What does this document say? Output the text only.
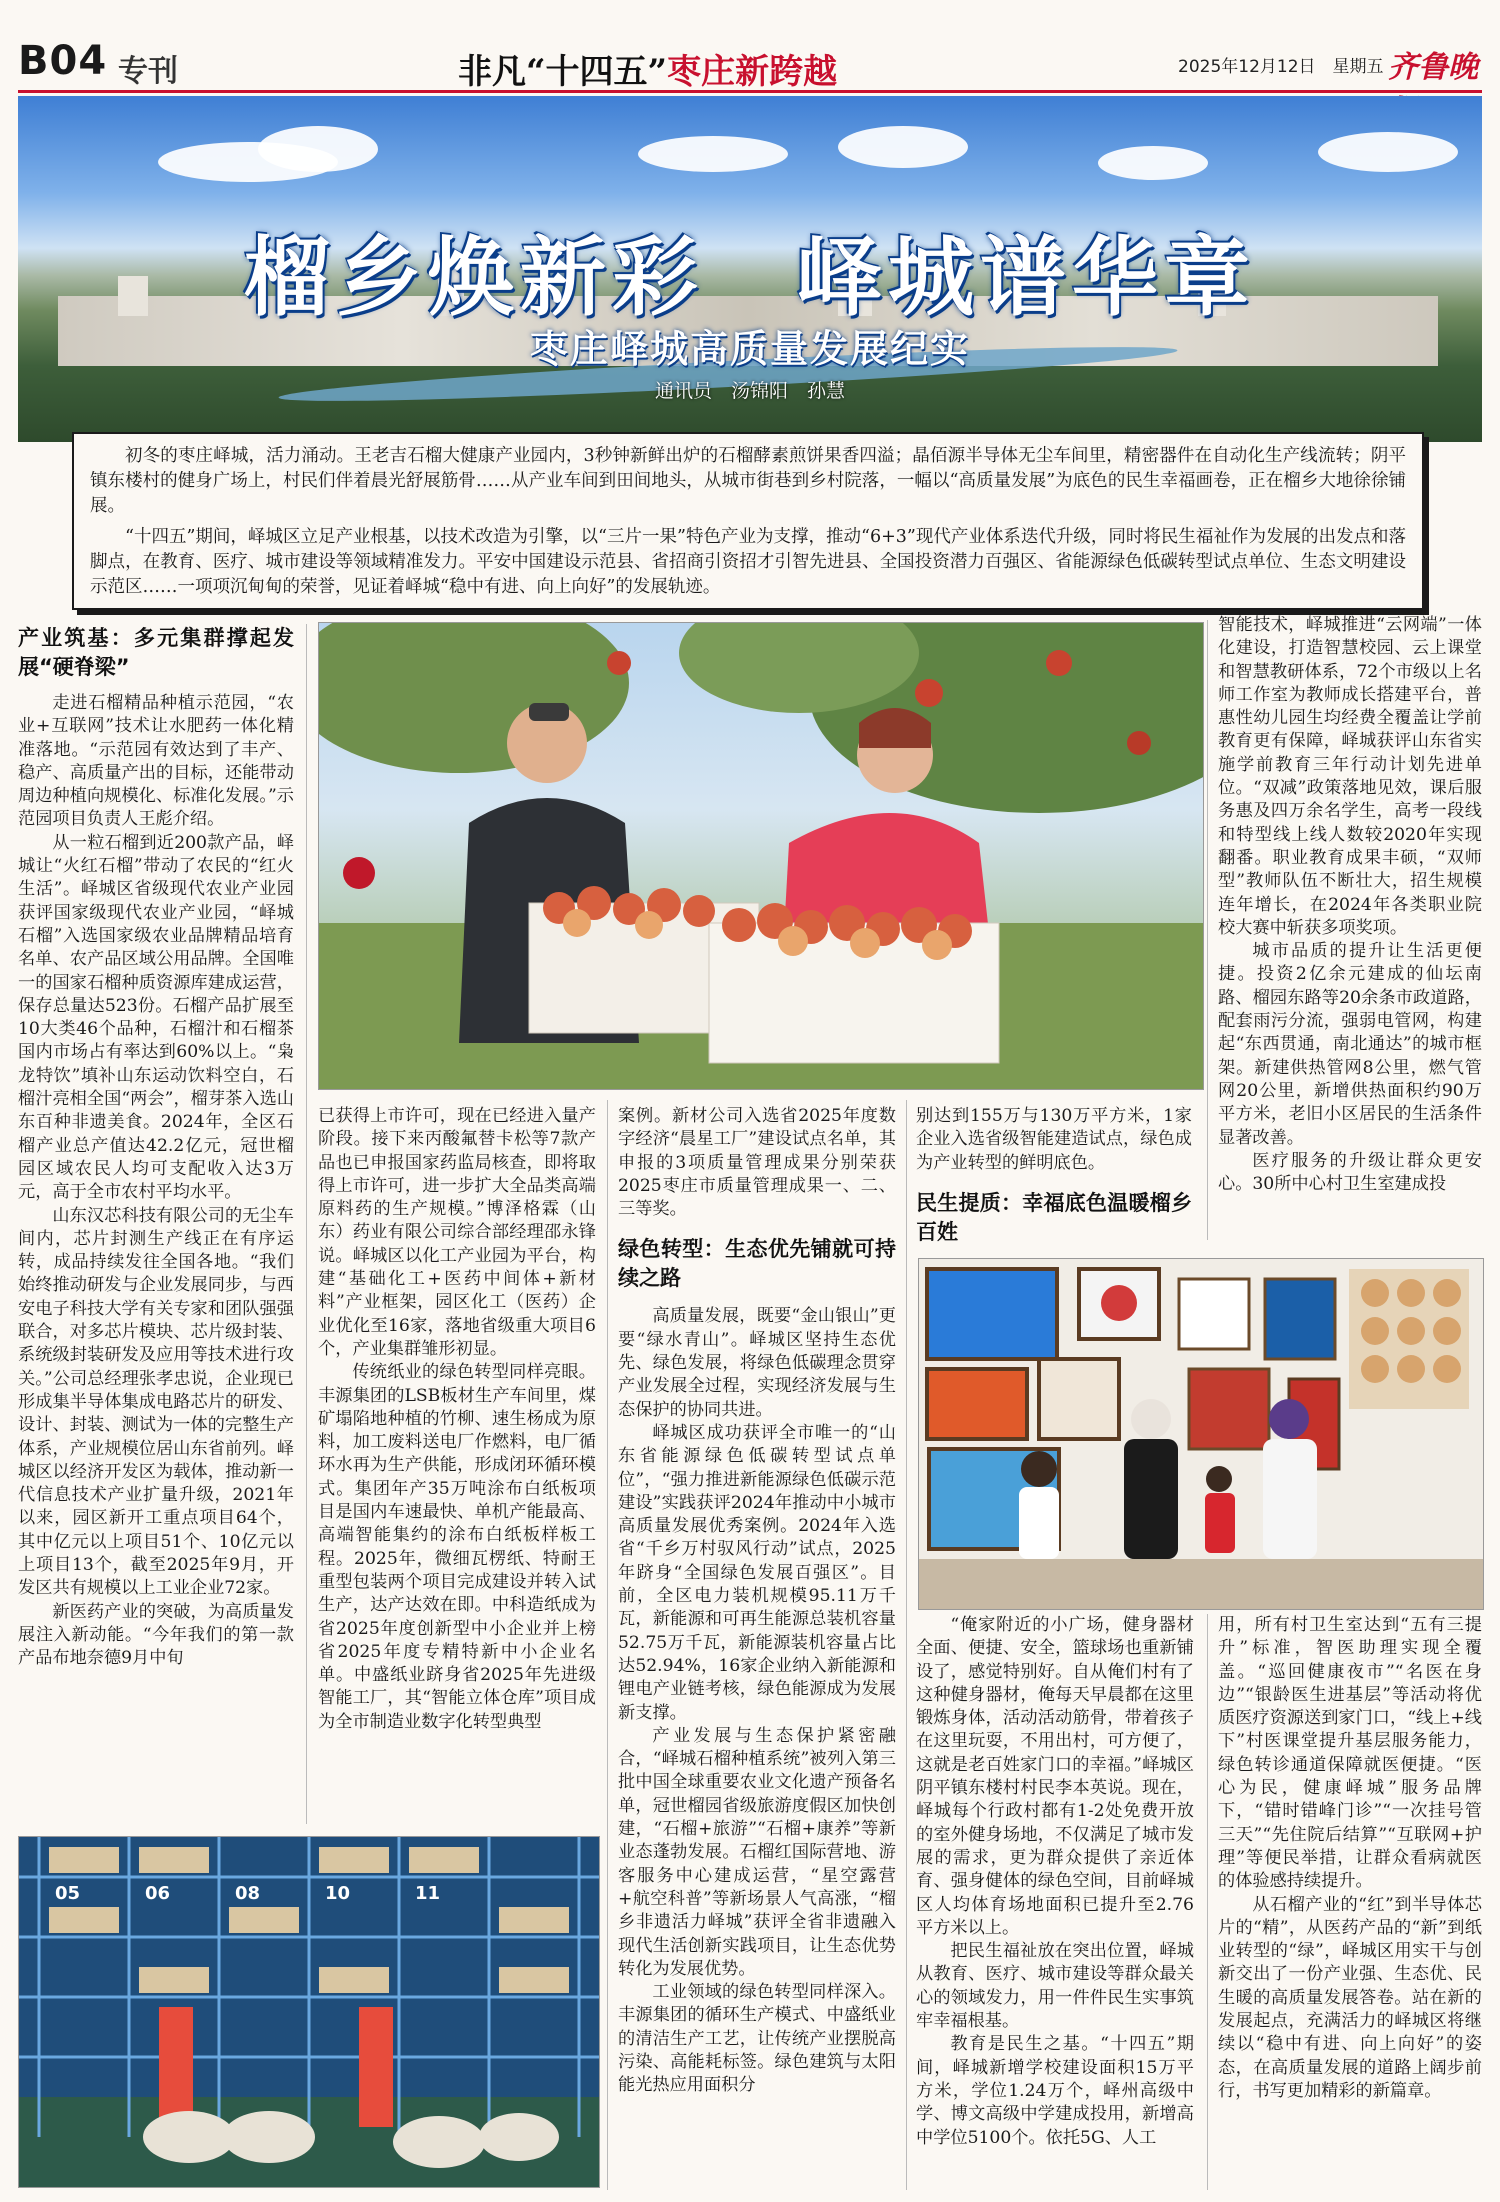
B04 专刊	非凡“十四五”枣庄新跨越	2025年12月12日　星期五 齐鲁晚
榴乡焕新彩　峄城谱华章
枣庄峄城高质量发展纪实
通讯员　汤锦阳　孙慧

初冬的枣庄峄城，活力涌动。王老吉石榴大健康产业园内，3秒钟新鲜出炉的石榴酵素煎饼果香四溢；晶佰源半导体无尘车间里，精密器件在自动化生产线流转；阴平镇东楼村的健身广场上，村民们伴着晨光舒展筋骨……从产业车间到田间地头，从城市街巷到乡村院落，一幅以“高质量发展”为底色的民生幸福画卷，正在榴乡大地徐徐铺展。

“十四五”期间，峄城区立足产业根基，以技术改造为引擎，以“三片一果”特色产业为支撑，推动“6+3”现代产业体系迭代升级，同时将民生福祉作为发展的出发点和落脚点，在教育、医疗、城市建设等领域精准发力。平安中国建设示范县、省招商引资招才引智先进县、全国投资潜力百强区、省能源绿色低碳转型试点单位、生态文明建设示范区……一项项沉甸甸的荣誉，见证着峄城“稳中有进、向上向好”的发展轨迹。

产业筑基：多元集群撑起发展“硬脊梁”

走进石榴精品种植示范园，“农业+互联网”技术让水肥药一体化精准落地。“示范园有效达到了丰产、稳产、高质量产出的目标，还能带动周边种植向规模化、标准化发展。”示范园项目负责人王彪介绍。

从一粒石榴到近200款产品，峄城让“火红石榴”带动了农民的“红火生活”。峄城区省级现代农业产业园获评国家级现代农业产业园，“峄城石榴”入选国家级农业品牌精品培育名单、农产品区域公用品牌。全国唯一的国家石榴种质资源库建成运营，保存总量达523份。石榴产品扩展至10大类46个品种，石榴汁和石榴茶国内市场占有率达到60%以上。“枭龙特饮”填补山东运动饮料空白，石榴汁亮相全国“两会”，榴芽茶入选山东百种非遗美食。2024年，全区石榴产业总产值达42.2亿元，冠世榴园区域农民人均可支配收入达3万元，高于全市农村平均水平。

山东汉芯科技有限公司的无尘车间内，芯片封测生产线正在有序运转，成品持续发往全国各地。“我们始终推动研发与企业发展同步，与西安电子科技大学有关专家和团队强强联合，对多芯片模块、芯片级封装、系统级封装研发及应用等技术进行攻关。”公司总经理张孝忠说，企业现已形成集半导体集成电路芯片的研发、设计、封装、测试为一体的完整生产体系，产业规模位居山东省前列。峄城区以经济开发区为载体，推动新一代信息技术产业扩量升级，2021年以来，园区新开工重点项目64个，其中亿元以上项目51个、10亿元以上项目13个，截至2025年9月，开发区共有规模以上工业企业72家。

新医药产业的突破，为高质量发展注入新动能。“今年我们的第一款产品布地奈德9月中旬

已获得上市许可，现在已经进入量产阶段。接下来丙酸氟替卡松等7款产品也已申报国家药监局核查，即将取得上市许可，进一步扩大全品类高端原料药的生产规模。”博泽格霖（山东）药业有限公司综合部经理邵永锋说。峄城区以化工产业园为平台，构建“基础化工+医药中间体+新材料”产业框架，园区化工（医药）企业优化至16家，落地省级重大项目6个，产业集群雏形初显。

传统纸业的绿色转型同样亮眼。丰源集团的LSB板材生产车间里，煤矿塌陷地种植的竹柳、速生杨成为原料，加工废料送电厂作燃料，电厂循环水再为生产供能，形成闭环循环模式。集团年产35万吨涂布白纸板项目是国内车速最快、单机产能最高、高端智能集约的涂布白纸板样板工程。2025年，微细瓦楞纸、特耐王重型包装两个项目完成建设并转入试生产，达产达效在即。中科造纸成为省2025年度创新型中小企业并上榜省2025年度专精特新中小企业名单。中盛纸业跻身省2025年先进级智能工厂，其“智能立体仓库”项目成为全市制造业数字化转型典型

案例。新材公司入选省2025年度数字经济“晨星工厂”建设试点名单，其申报的3项质量管理成果分别荣获2025枣庄市质量管理成果一、二、三等奖。

绿色转型：生态优先铺就可持续之路

高质量发展，既要“金山银山”更要“绿水青山”。峄城区坚持生态优先、绿色发展，将绿色低碳理念贯穿产业发展全过程，实现经济发展与生态保护的协同共进。

峄城区成功获评全市唯一的“山东省能源绿色低碳转型试点单位”，“强力推进新能源绿色低碳示范建设”实践获评2024年推动中小城市高质量发展优秀案例。2024年入选省“千乡万村驭风行动”试点，2025年跻身“全国绿色发展百强区”。目前，全区电力装机规模95.11万千瓦，新能源和可再生能源总装机容量52.75万千瓦，新能源装机容量占比达52.94%，16家企业纳入新能源和锂电产业链考核，绿色能源成为发展新支撑。

产业发展与生态保护紧密融合，“峄城石榴种植系统”被列入第三批中国全球重要农业文化遗产预备名单，冠世榴园省级旅游度假区加快创建，“石榴+旅游”“石榴+康养”等新业态蓬勃发展。石榴红国际营地、游客服务中心建成运营，“星空露营+航空科普”等新场景人气高涨，“榴乡非遗活力峄城”获评全省非遗融入现代生活创新实践项目，让生态优势转化为发展优势。

工业领域的绿色转型同样深入。丰源集团的循环生产模式、中盛纸业的清洁生产工艺，让传统产业摆脱高污染、高能耗标签。绿色建筑与太阳能光热应用面积分

别达到155万与130万平方米，1家企业入选省级智能建造试点，绿色成为产业转型的鲜明底色。

民生提质：幸福底色温暖榴乡百姓

智能技术，峄城推进“云网端”一体化建设，打造智慧校园、云上课堂和智慧教研体系，72个市级以上名师工作室为教师成长搭建平台，普惠性幼儿园生均经费全覆盖让学前教育更有保障，峄城获评山东省实施学前教育三年行动计划先进单位。“双减”政策落地见效，课后服务惠及四万余名学生，高考一段线和特型线上线人数较2020年实现翻番。职业教育成果丰硕，“双师型”教师队伍不断壮大，招生规模连年增长，在2024年各类职业院校大赛中斩获多项奖项。

城市品质的提升让生活更便捷。投资2亿余元建成的仙坛南路、榴园东路等20余条市政道路，配套雨污分流，强弱电管网，构建起“东西贯通，南北通达”的城市框架。新建供热管网8公里，燃气管网20公里，新增供热面积约90万平方米，老旧小区居民的生活条件显著改善。

医疗服务的升级让群众更安心。30所中心村卫生室建成投

“俺家附近的小广场，健身器材全面、便捷、安全，篮球场也重新铺设了，感觉特别好。自从俺们村有了这种健身器材，俺每天早晨都在这里锻炼身体，活动活动筋骨，带着孩子在这里玩耍，不用出村，可方便了，这就是老百姓家门口的幸福。”峄城区阴平镇东楼村村民李本英说。现在，峄城每个行政村都有1-2处免费开放的室外健身场地，不仅满足了城市发展的需求，更为群众提供了亲近体育、强身健体的绿色空间，目前峄城区人均体育场地面积已提升至2.76平方米以上。

把民生福祉放在突出位置，峄城从教育、医疗、城市建设等群众最关心的领域发力，用一件件民生实事筑牢幸福根基。

教育是民生之基。“十四五”期间，峄城新增学校建设面积15万平方米，学位1.24万个，峄州高级中学、博文高级中学建成投用，新增高中学位5100个。依托5G、人工

用，所有村卫生室达到“五有三提升”标准，智医助理实现全覆盖。“巡回健康夜市”“名医在身边”“银龄医生进基层”等活动将优质医疗资源送到家门口，“线上+线下”村医课堂提升基层服务能力，绿色转诊通道保障就医便捷。“医心为民，健康峄城”服务品牌下，“错时错峰门诊”“一次挂号管三天”“先住院后结算”“互联网+护理”等便民举措，让群众看病就医的体验感持续提升。

从石榴产业的“红”到半导体芯片的“精”，从医药产品的“新”到纸业转型的“绿”，峄城区用实干与创新交出了一份产业强、生态优、民生暖的高质量发展答卷。站在新的发展起点，充满活力的峄城区将继续以“稳中有进、向上向好”的姿态，在高质量发展的道路上阔步前行，书写更加精彩的新篇章。

05	06	08	10	11
